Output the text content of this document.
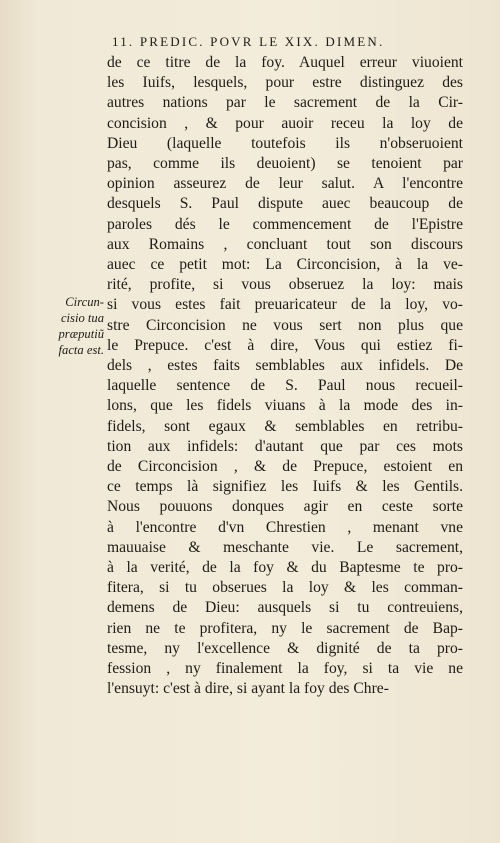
11. PREDIC. POVR LE XIX. DIMEN.
Circun-
cisio tua
præputiũ
facta est.
de ce titre de la foy. Auquel erreur viuoient
les Iuifs, lesquels, pour estre distinguez des
autres nations par le sacrement de la Cir-
concision , & pour auoir receu la loy de
Dieu (laquelle toutefois ils n'obseruoient
pas, comme ils deuoient) se tenoient par
opinion asseurez de leur salut. A l'encontre
desquels S. Paul dispute auec beaucoup de
paroles dés le commencement de l'Epistre
aux Romains , concluant tout son discours
auec ce petit mot: La Circoncision, à la ve-
rité, profite, si vous obseruez la loy: mais
si vous estes fait preuaricateur de la loy, vo-
stre Circoncision ne vous sert non plus que
le Prepuce. c'est à dire, Vous qui estiez fi-
dels , estes faits semblables aux infidels. De
laquelle sentence de S. Paul nous recueil-
lons, que les fidels viuans à la mode des in-
fidels, sont egaux & semblables en retribu-
tion aux infidels: d'autant que par ces mots
de Circoncision , & de Prepuce, estoient en
ce temps là signifiez les Iuifs & les Gentils.
Nous pouuons donques agir en ceste sorte
à l'encontre d'vn Chrestien , menant vne
mauuaise & meschante vie. Le sacrement,
à la verité, de la foy & du Baptesme te pro-
fitera, si tu obserues la loy & les comman-
demens de Dieu: ausquels si tu contreuiens,
rien ne te profitera, ny le sacrement de Bap-
tesme, ny l'excellence & dignité de ta pro-
fession , ny finalement la foy, si ta vie ne
l'ensuyt: c'est à dire, si ayant la foy des Chre-
